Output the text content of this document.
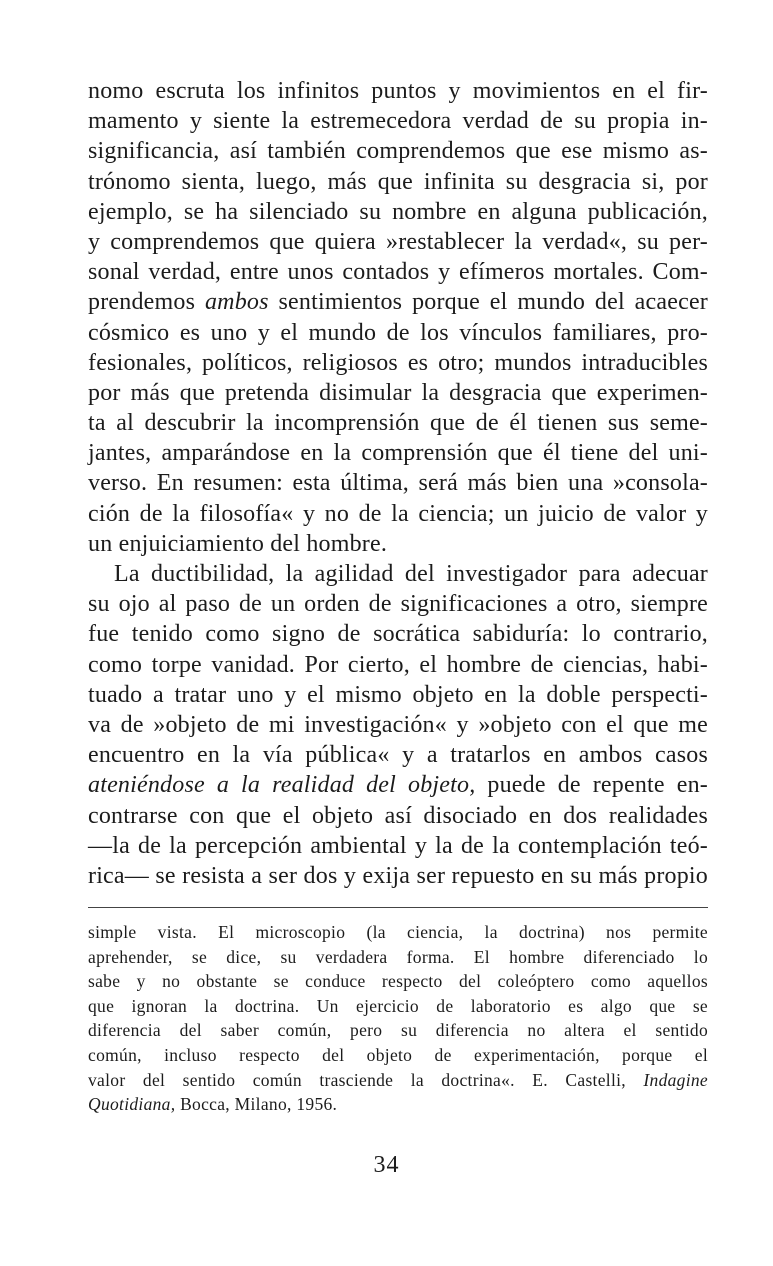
nomo escruta los infinitos puntos y movimientos en el fir-
mamento y siente la estremecedora verdad de su propia in-
significancia, así también comprendemos que ese mismo as-
trónomo sienta, luego, más que infinita su desgracia si, por
ejemplo, se ha silenciado su nombre en alguna publicación,
y comprendemos que quiera »restablecer la verdad«, su per-
sonal verdad, entre unos contados y efímeros mortales. Com-
prendemos ambos sentimientos porque el mundo del acaecer
cósmico es uno y el mundo de los vínculos familiares, pro-
fesionales, políticos, religiosos es otro; mundos intraducibles
por más que pretenda disimular la desgracia que experimen-
ta al descubrir la incomprensión que de él tienen sus seme-
jantes, amparándose en la comprensión que él tiene del uni-
verso. En resumen: esta última, será más bien una »consola-
ción de la filosofía« y no de la ciencia; un juicio de valor y
un enjuiciamiento del hombre.
La ductibilidad, la agilidad del investigador para adecuar
su ojo al paso de un orden de significaciones a otro, siempre
fue tenido como signo de socrática sabiduría: lo contrario,
como torpe vanidad. Por cierto, el hombre de ciencias, habi-
tuado a tratar uno y el mismo objeto en la doble perspecti-
va de »objeto de mi investigación« y »objeto con el que me
encuentro en la vía pública« y a tratarlos en ambos casos
ateniéndose a la realidad del objeto, puede de repente en-
contrarse con que el objeto así disociado en dos realidades
—la de la percepción ambiental y la de la contemplación teó-
rica— se resista a ser dos y exija ser repuesto en su más propio
simple vista. El microscopio (la ciencia, la doctrina) nos permite
aprehender, se dice, su verdadera forma. El hombre diferenciado lo
sabe y no obstante se conduce respecto del coleóptero como aquellos
que ignoran la doctrina. Un ejercicio de laboratorio es algo que se
diferencia del saber común, pero su diferencia no altera el sentido
común, incluso respecto del objeto de experimentación, porque el
valor del sentido común trasciende la doctrina«. E. Castelli, Indagine
Quotidiana, Bocca, Milano, 1956.
34
